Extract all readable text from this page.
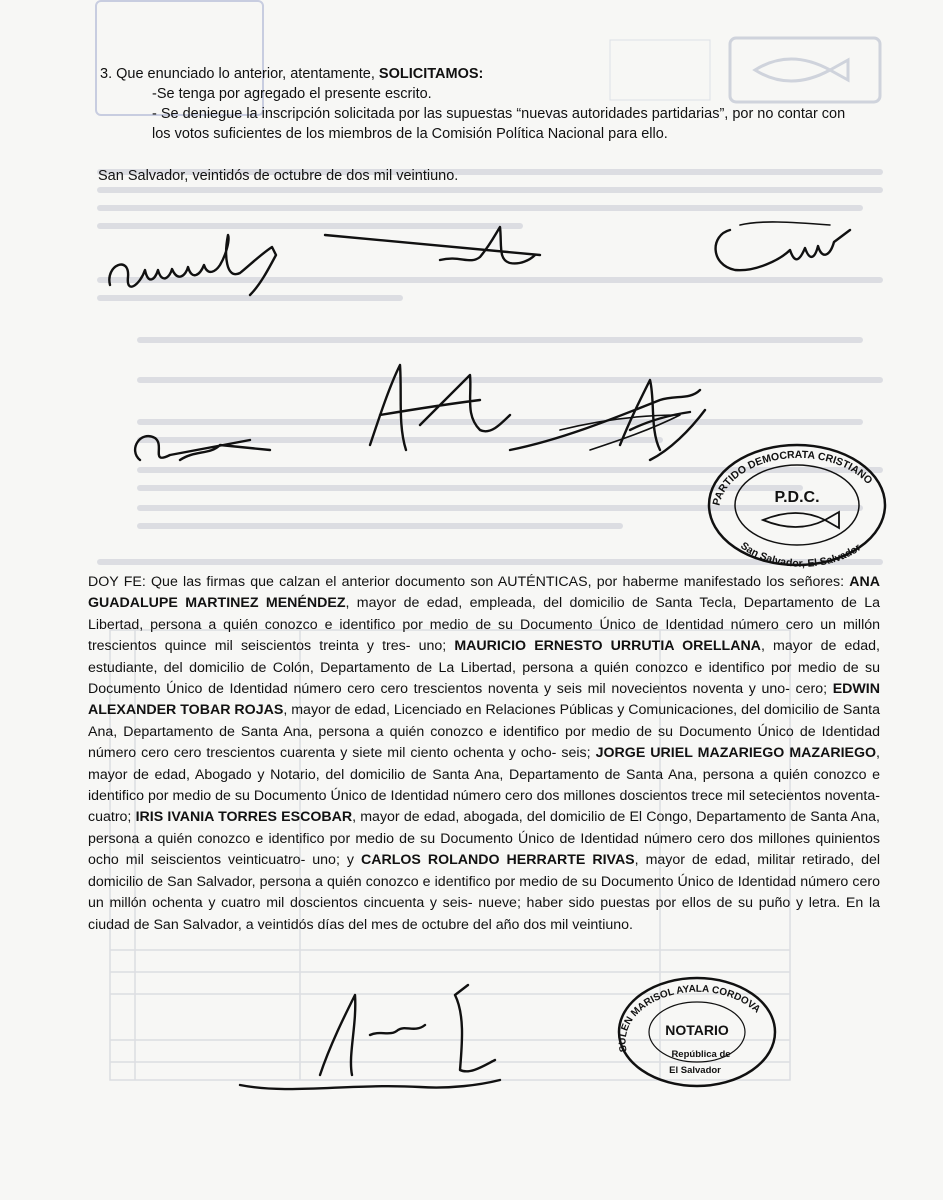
3. Que enunciado lo anterior, atentamente, SOLICITAMOS:
-Se tenga por agregado el presente escrito.
- Se deniegue la inscripción solicitada por las supuestas “nuevas autoridades partidarias”, por no contar con los votos suficientes de los miembros de la Comisión Política Nacional para ello.
San Salvador, veintidós de octubre de dos mil veintiuno.
PARTIDO DEMOCRATA CRISTIANO
P.D.C.
San Salvador, El Salvador
DOY FE: Que las firmas que calzan el anterior documento son AUTÉNTICAS, por haberme manifestado los señores: ANA GUADALUPE MARTINEZ MENÉNDEZ, mayor de edad, empleada, del domicilio de Santa Tecla, Departamento de La Libertad, persona a quién conozco e identifico por medio de su Documento Único de Identidad número cero un millón trescientos quince mil seiscientos treinta y tres- uno; MAURICIO ERNESTO URRUTIA ORELLANA, mayor de edad, estudiante, del domicilio de Colón, Departamento de La Libertad, persona a quién conozco e identifico por medio de su Documento Único de Identidad número cero cero trescientos noventa y seis mil novecientos noventa y uno- cero; EDWIN ALEXANDER TOBAR ROJAS, mayor de edad, Licenciado en Relaciones Públicas y Comunicaciones, del domicilio de Santa Ana, Departamento de Santa Ana, persona a quién conozco e identifico por medio de su Documento Único de Identidad número cero cero trescientos cuarenta y siete mil ciento ochenta y ocho- seis; JORGE URIEL MAZARIEGO MAZARIEGO, mayor de edad, Abogado y Notario, del domicilio de Santa Ana, Departamento de Santa Ana, persona a quién conozco e identifico por medio de su Documento Único de Identidad número cero dos millones doscientos trece mil setecientos noventa- cuatro; IRIS IVANIA TORRES ESCOBAR, mayor de edad, abogada, del domicilio de El Congo, Departamento de Santa Ana, persona a quién conozco e identifico por medio de su Documento Único de Identidad número cero dos millones quinientos ocho mil seiscientos veinticuatro- uno; y CARLOS ROLANDO HERRARTE RIVAS, mayor de edad, militar retirado, del domicilio de San Salvador, persona a quién conozco e identifico por medio de su Documento Único de Identidad número cero un millón ochenta y cuatro mil doscientos cincuenta y seis- nueve; haber sido puestas por ellos de su puño y letra. En la ciudad de San Salvador, a veintidós días del mes de octubre del año dos mil veintiuno.
SULEN MARISOL AYALA CORDOVA
NOTARIO
República de
El Salvador
